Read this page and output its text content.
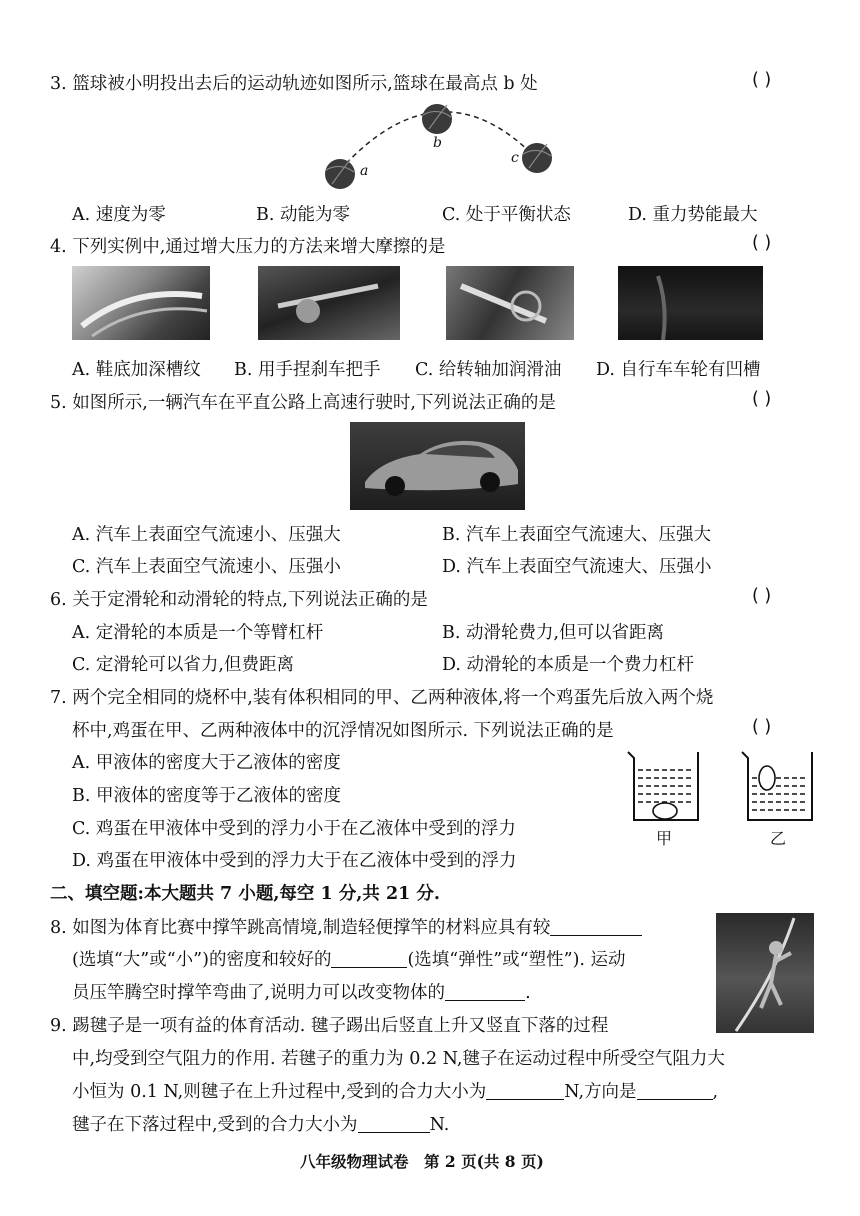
3. 篮球被小明投出去后的运动轨迹如图所示,篮球在最高点 b 处	( )
a
b
c
A. 速度为零	B. 动能为零	C. 处于平衡状态	D. 重力势能最大
4. 下列实例中,通过增大压力的方法来增大摩擦的是	( )
A. 鞋底加深槽纹 B. 用手捏刹车把手 C. 给转轴加润滑油 D. 自行车车轮有凹槽
5. 如图所示,一辆汽车在平直公路上高速行驶时,下列说法正确的是	( )
A. 汽车上表面空气流速小、压强大	B. 汽车上表面空气流速大、压强大
C. 汽车上表面空气流速小、压强小	D. 汽车上表面空气流速大、压强小
6. 关于定滑轮和动滑轮的特点,下列说法正确的是	( )
A. 定滑轮的本质是一个等臂杠杆	B. 动滑轮费力,但可以省距离
C. 定滑轮可以省力,但费距离	D. 动滑轮的本质是一个费力杠杆
7. 两个完全相同的烧杯中,装有体积相同的甲、乙两种液体,将一个鸡蛋先后放入两个烧
杯中,鸡蛋在甲、乙两种液体中的沉浮情况如图所示. 下列说法正确的是	( )
A. 甲液体的密度大于乙液体的密度
B. 甲液体的密度等于乙液体的密度
C. 鸡蛋在甲液体中受到的浮力小于在乙液体中受到的浮力
D. 鸡蛋在甲液体中受到的浮力大于在乙液体中受到的浮力
甲	乙
二、填空题:本大题共 7 小题,每空 1 分,共 21 分.
8. 如图为体育比赛中撑竿跳高情境,制造轻便撑竿的材料应具有较
(选填“大”或“小”)的密度和较好的	(选填“弹性”或“塑性”). 运动
员压竿腾空时撑竿弯曲了,说明力可以改变物体的	.
9. 踢毽子是一项有益的体育活动. 毽子踢出后竖直上升又竖直下落的过程
中,均受到空气阻力的作用. 若毽子的重力为 0.2 N,毽子在运动过程中所受空气阻力大
小恒为 0.1 N,则毽子在上升过程中,受到的合力大小为	N,方向是	,
毽子在下落过程中,受到的合力大小为	N.
八年级物理试卷　第 2 页(共 8 页)
